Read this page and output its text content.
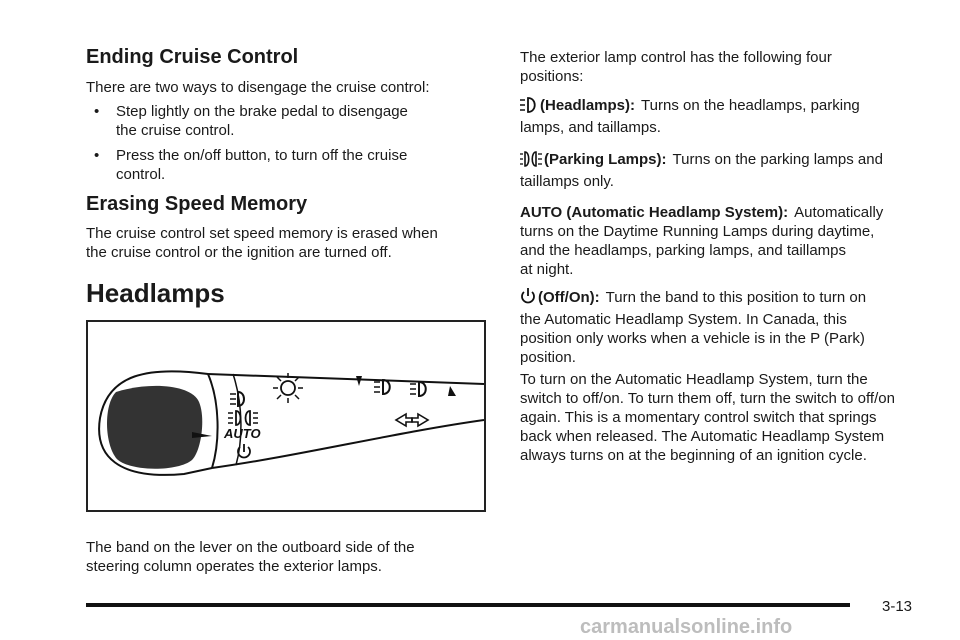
Ending Cruise Control

There are two ways to disengage the cruise control:

• Step lightly on the brake pedal to disengage
the cruise control.
• Press the on/off button, to turn off the cruise
control.
Erasing Speed Memory

The cruise control set speed memory is erased when
the cruise control or the ignition are turned off.

Headlamps
AUTO

The band on the lever on the outboard side of the
steering column operates the exterior lamps.

The exterior lamp control has the following four
positions:

(Headlamps): Turns on the headlamps, parking
lamps, and taillamps.

(Parking Lamps): Turns on the parking lamps and
taillamps only.

AUTO (Automatic Headlamp System): Automatically
turns on the Daytime Running Lamps during daytime,
and the headlamps, parking lamps, and taillamps
at night.

(Off/On): Turn the band to this position to turn on
the Automatic Headlamp System. In Canada, this
position only works when a vehicle is in the P (Park)
position.

To turn on the Automatic Headlamp System, turn the
switch to off/on. To turn them off, turn the switch to off/on
again. This is a momentary control switch that springs
back when released. The Automatic Headlamp System
always turns on at the beginning of an ignition cycle.

3-13
carmanualsonline.info
